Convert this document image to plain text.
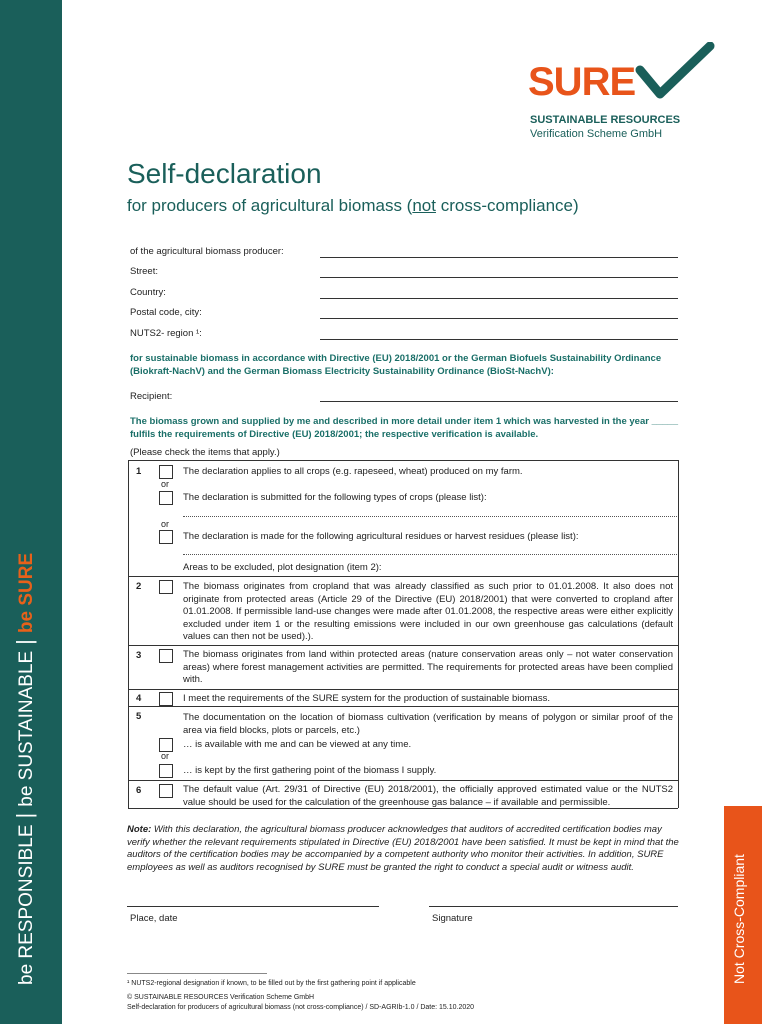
be RESPONSIBLE|be SUSTAINABLE|be SURE
Not Cross-Compliant
SURE
SUSTAINABLE RESOURCES
Verification Scheme GmbH
Self-declaration
for producers of agricultural biomass (not cross-compliance)
of the agricultural biomass producer:
Street:
Country:
Postal code, city:
NUTS2- region ¹:
for sustainable biomass in accordance with Directive (EU) 2018/2001 or the German Biofuels Sustainability Ordinance (Biokraft-NachV) and the German Biomass Electricity Sustainability Ordinance (BioSt-NachV):
Recipient:
The biomass grown and supplied by me and described in more detail under item 1 which was harvested in the year _____ fulfils the requirements of Directive (EU) 2018/2001; the respective verification is available.
(Please check the items that apply.)
1	The declaration applies to all crops (e.g. rapeseed, wheat) produced on my farm.
or
The declaration is submitted for the following types of crops (please list):
or
The declaration is made for the following agricultural residues or harvest residues (please list):
Areas to be excluded, plot designation (item 2):
2	The biomass originates from cropland that was already classified as such prior to 01.01.2008. It also does not originate from protected areas (Article 29 of the Directive (EU) 2018/2001) that were converted to cropland after 01.01.2008. If permissible land-use changes were made after 01.01.2008, the respective areas were either explicitly excluded under item 1 or the resulting emissions were included in our own greenhouse gas calculations (default values can then not be used).).
3	The biomass originates from land within protected areas (nature conservation areas only – not water conservation areas) where forest management activities are permitted. The requirements for protected areas have been complied with.
4	I meet the requirements of the SURE system for the production of sustainable biomass.
5	The documentation on the location of biomass cultivation (verification by means of polygon or similar proof of the area via field blocks, plots or parcels, etc.)
… is available with me and can be viewed at any time.
or
… is kept by the first gathering point of the biomass I supply.
6	The default value (Art. 29/31 of Directive (EU) 2018/2001), the officially approved estimated value or the NUTS2 value should be used for the calculation of the greenhouse gas balance – if available and permissible.
Note: With this declaration, the agricultural biomass producer acknowledges that auditors of accredited certification bodies may verify whether the relevant requirements stipulated in Directive (EU) 2018/2001 have been satisfied. It must be kept in mind that the auditors of the certification bodies may be accompanied by a competent authority who monitor their activities. In addition, SURE employees as well as auditors recognised by SURE must be granted the right to conduct a special audit or witness audit.
Place, date	Signature
¹ NUTS2-regional designation if known, to be filled out by the first gathering point if applicable
© SUSTAINABLE RESOURCES Verification Scheme GmbH
Self-declaration for producers of agricultural biomass (not cross-compliance) / SD-AGRIb-1.0 / Date: 15.10.2020
